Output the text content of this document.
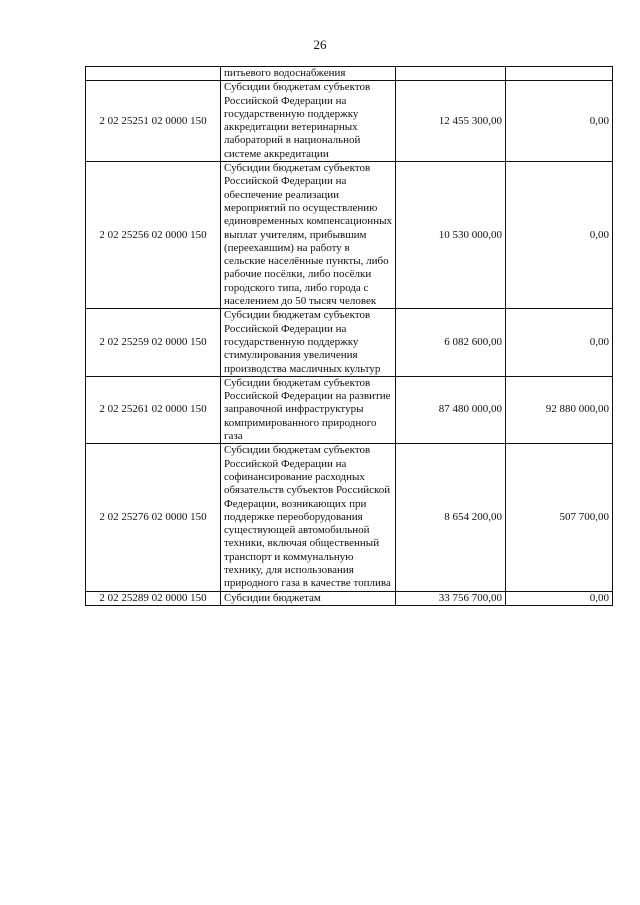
26
	питьевого водоснабжения		
2 02 25251 02 0000 150	Субсидии бюджетам субъектов Российской Федерации на государственную поддержку аккредитации ветеринарных лабораторий в национальной системе аккредитации	12 455 300,00	0,00
2 02 25256 02 0000 150	Субсидии бюджетам субъектов Российской Федерации на обеспечение реализации мероприятий по осуществлению единовременных компенсационных выплат учителям, прибывшим (переехавшим) на работу в сельские населённые пункты, либо рабочие посёлки, либо посёлки городского типа, либо города с населением до 50 тысяч человек	10 530 000,00	0,00
2 02 25259 02 0000 150	Субсидии бюджетам субъектов Российской Федерации на государственную поддержку стимулирования увеличения производства масличных культур	6 082 600,00	0,00
2 02 25261 02 0000 150	Субсидии бюджетам субъектов Российской Федерации на развитие заправочной инфраструктуры компримированного природного газа	87 480 000,00	92 880 000,00
2 02 25276 02 0000 150	Субсидии бюджетам субъектов Российской Федерации на софинансирование расходных обязательств субъектов Российской Федерации, возникающих при поддержке переоборудования существующей автомобильной техники, включая общественный транспорт и коммунальную технику, для использования природного газа в качестве топлива	8 654 200,00	507 700,00
2 02 25289 02 0000 150	Субсидии бюджетам	33 756 700,00	0,00
